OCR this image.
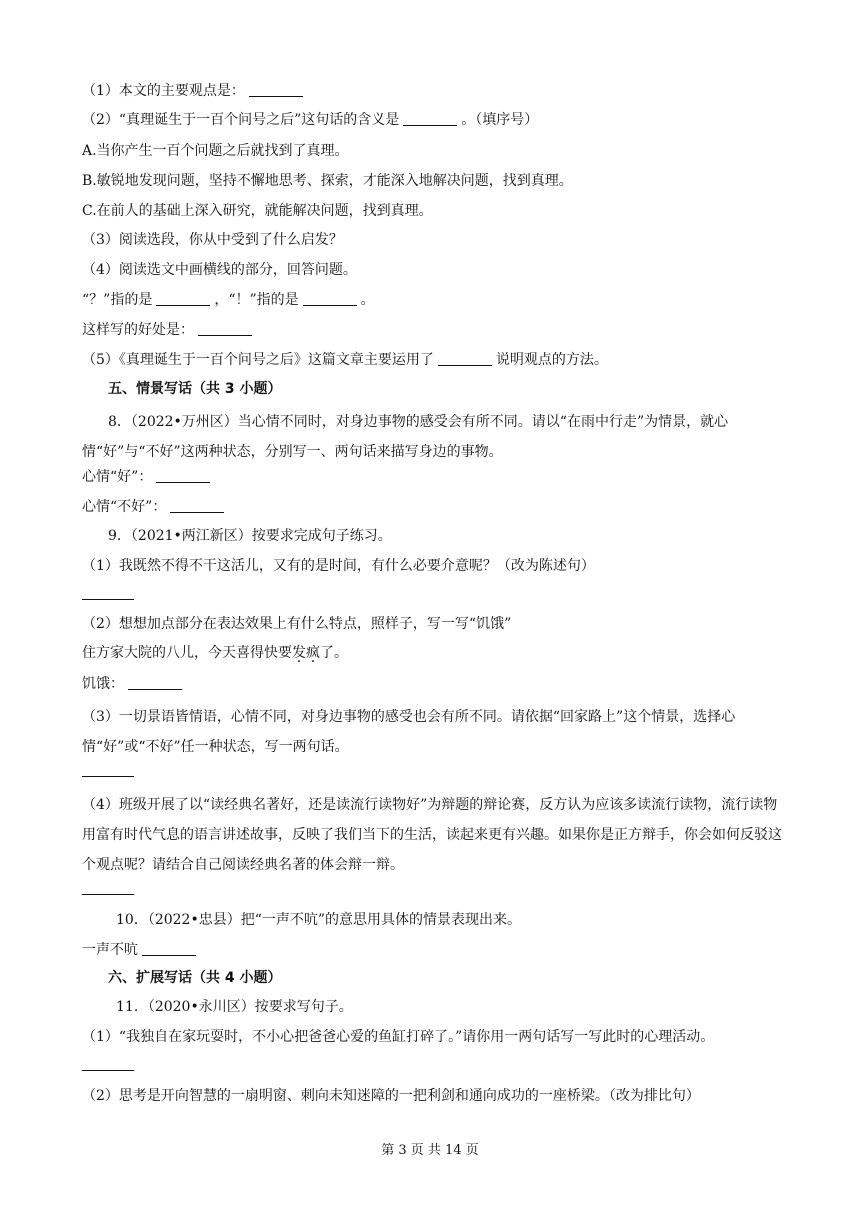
（1）本文的主要观点是：
（2）“真理诞生于一百个问号之后”这句话的含义是	。（填序号）
A.当你产生一百个问题之后就找到了真理。
B.敏锐地发现问题，坚持不懈地思考、探索，才能深入地解决问题，找到真理。
C.在前人的基础上深入研究，就能解决问题，找到真理。
（3）阅读选段，你从中受到了什么启发？
（4）阅读选文中画横线的部分，回答问题。
“？”指的是	，“！”指的是	。
这样写的好处是：
（5）《真理诞生于一百个问号之后》这篇文章主要运用了	说明观点的方法。
五、情景写话（共 3 小题）
8．（2022•万州区）当心情不同时，对身边事物的感受会有所不同。请以“在雨中行走”为情景，就心情“好”与“不好”这两种状态，分别写一、两句话来描写身边的事物。
心情“好”：
心情“不好”：
9．（2021•两江新区）按要求完成句子练习。
（1）我既然不得不干这活儿，又有的是时间，有什么必要介意呢？（改为陈述句）
（2）想想加点部分在表达效果上有什么特点，照样子，写一写“饥饿”
住方家大院的八儿，今天喜得快要发疯了。
饥饿：
（3）一切景语皆情语，心情不同，对身边事物的感受也会有所不同。请依据“回家路上”这个情景，选择心情“好”或“不好”任一种状态，写一两句话。
（4）班级开展了以“读经典名著好，还是读流行读物好”为辩题的辩论赛，反方认为应该多读流行读物，流行读物用富有时代气息的语言讲述故事，反映了我们当下的生活，读起来更有兴趣。如果你是正方辩手，你会如何反驳这个观点呢？请结合自己阅读经典名著的体会辩一辩。
10．（2022•忠县）把“一声不吭”的意思用具体的情景表现出来。
一声不吭
六、扩展写话（共 4 小题）
11．（2020•永川区）按要求写句子。
（1）“我独自在家玩耍时，不小心把爸爸心爱的鱼缸打碎了。”请你用一两句话写一写此时的心理活动。
（2）思考是开向智慧的一扇明窗、刺向未知迷障的一把利剑和通向成功的一座桥梁。（改为排比句）
第 3 页 共 14 页
